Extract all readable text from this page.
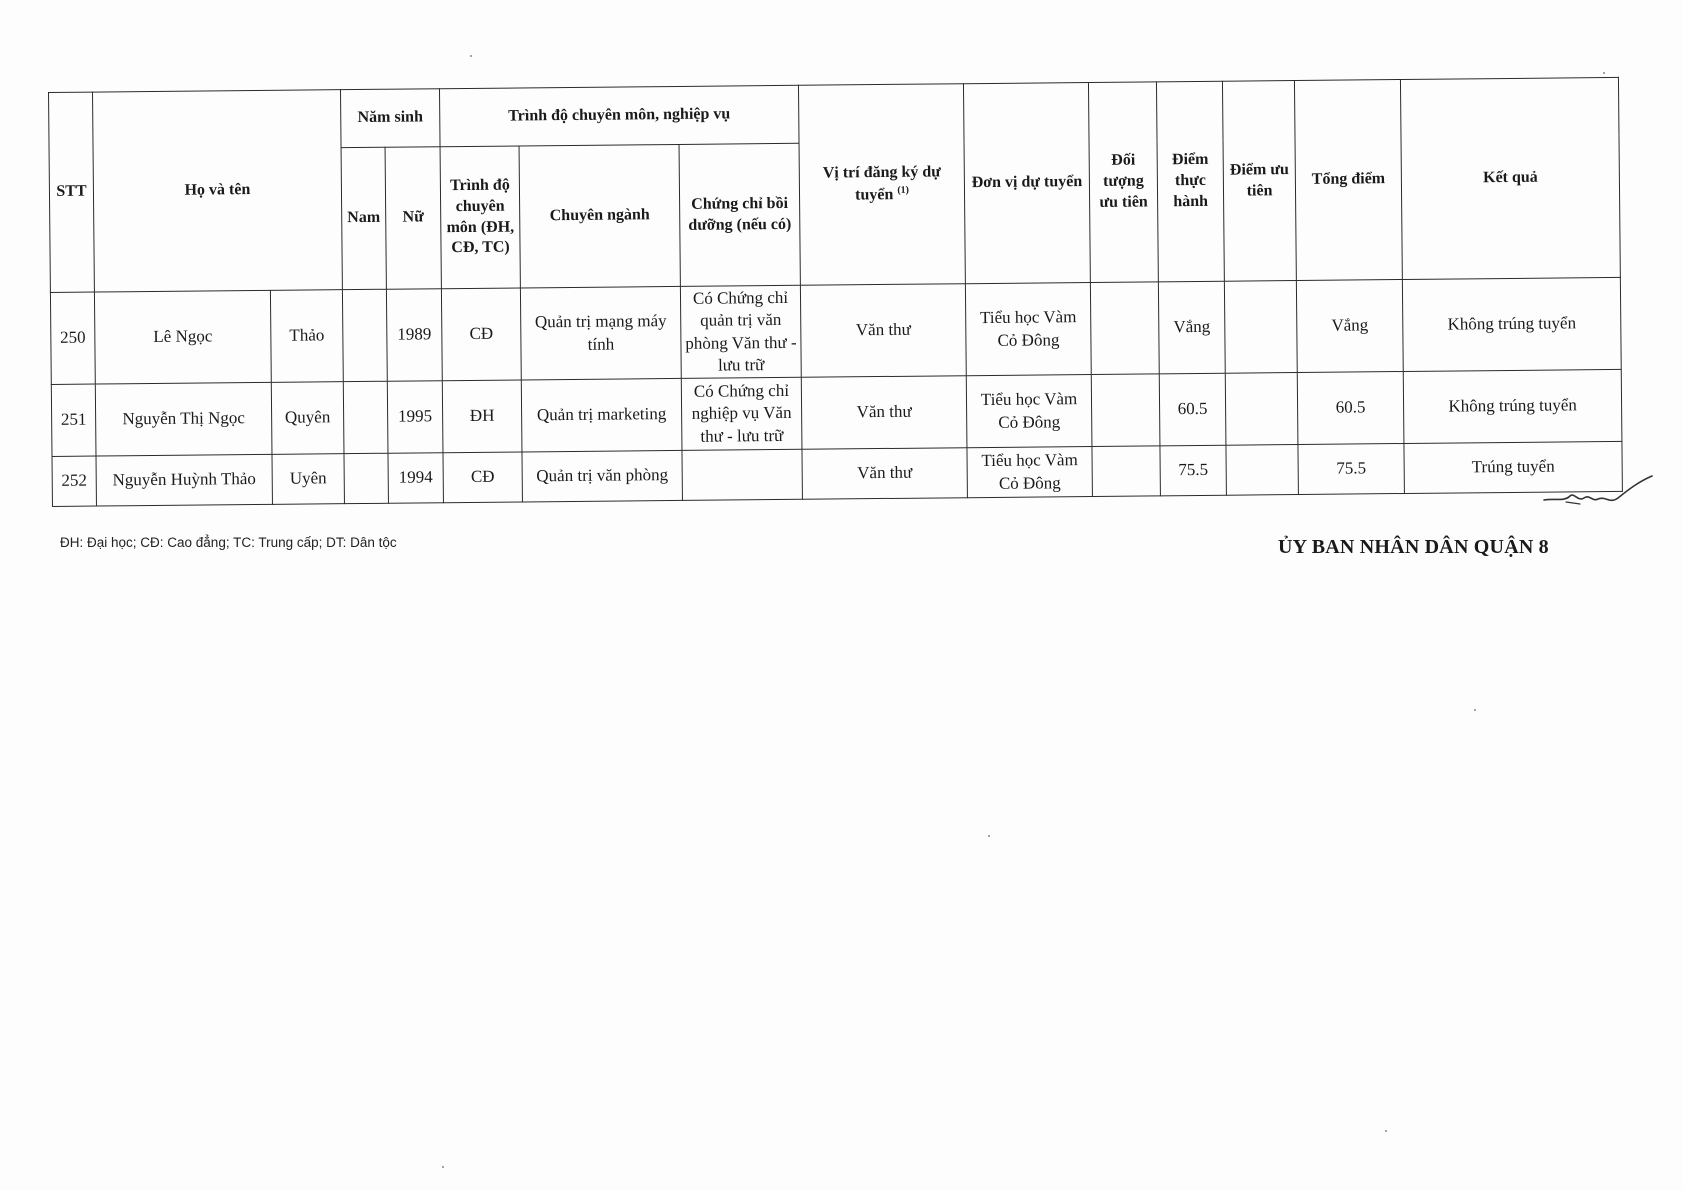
STT	Họ và tên		Năm sinh		Trình độ chuyên môn, nghiệp vụ			Vị trí đăng ký dự tuyển $^{(1)}$	Đơn vị dự tuyển	Đối tượng ưu tiên	Điểm thực hành	Điểm ưu tiên	Tổng điểm	Kết quả
			Nam	Nữ	Trình độ chuyên môn (ĐH, CĐ, TC)	Chuyên ngành	Chứng chỉ bồi dưỡng (nếu có)							
250	Lê Ngọc	Thảo		1989	CĐ	Quản trị mạng máy tính	Có Chứng chỉ quản trị văn phòng Văn thư - lưu trữ	Văn thư	Tiểu học Vàm Cỏ Đông		Vắng		Vắng	Không trúng tuyển
251	Nguyễn Thị Ngọc	Quyên		1995	ĐH	Quản trị marketing	Có Chứng chỉ nghiệp vụ Văn thư - lưu trữ	Văn thư	Tiểu học Vàm Cỏ Đông		60.5		60.5	Không trúng tuyển
252	Nguyễn Huỳnh Thảo	Uyên		1994	CĐ	Quản trị văn phòng		Văn thư	Tiểu học Vàm Cỏ Đông		75.5		75.5	Trúng tuyển
ĐH: Đại học; CĐ: Cao đẳng; TC: Trung cấp; DT: Dân tộc	ỦY BAN NHÂN DÂN QUẬN 8
